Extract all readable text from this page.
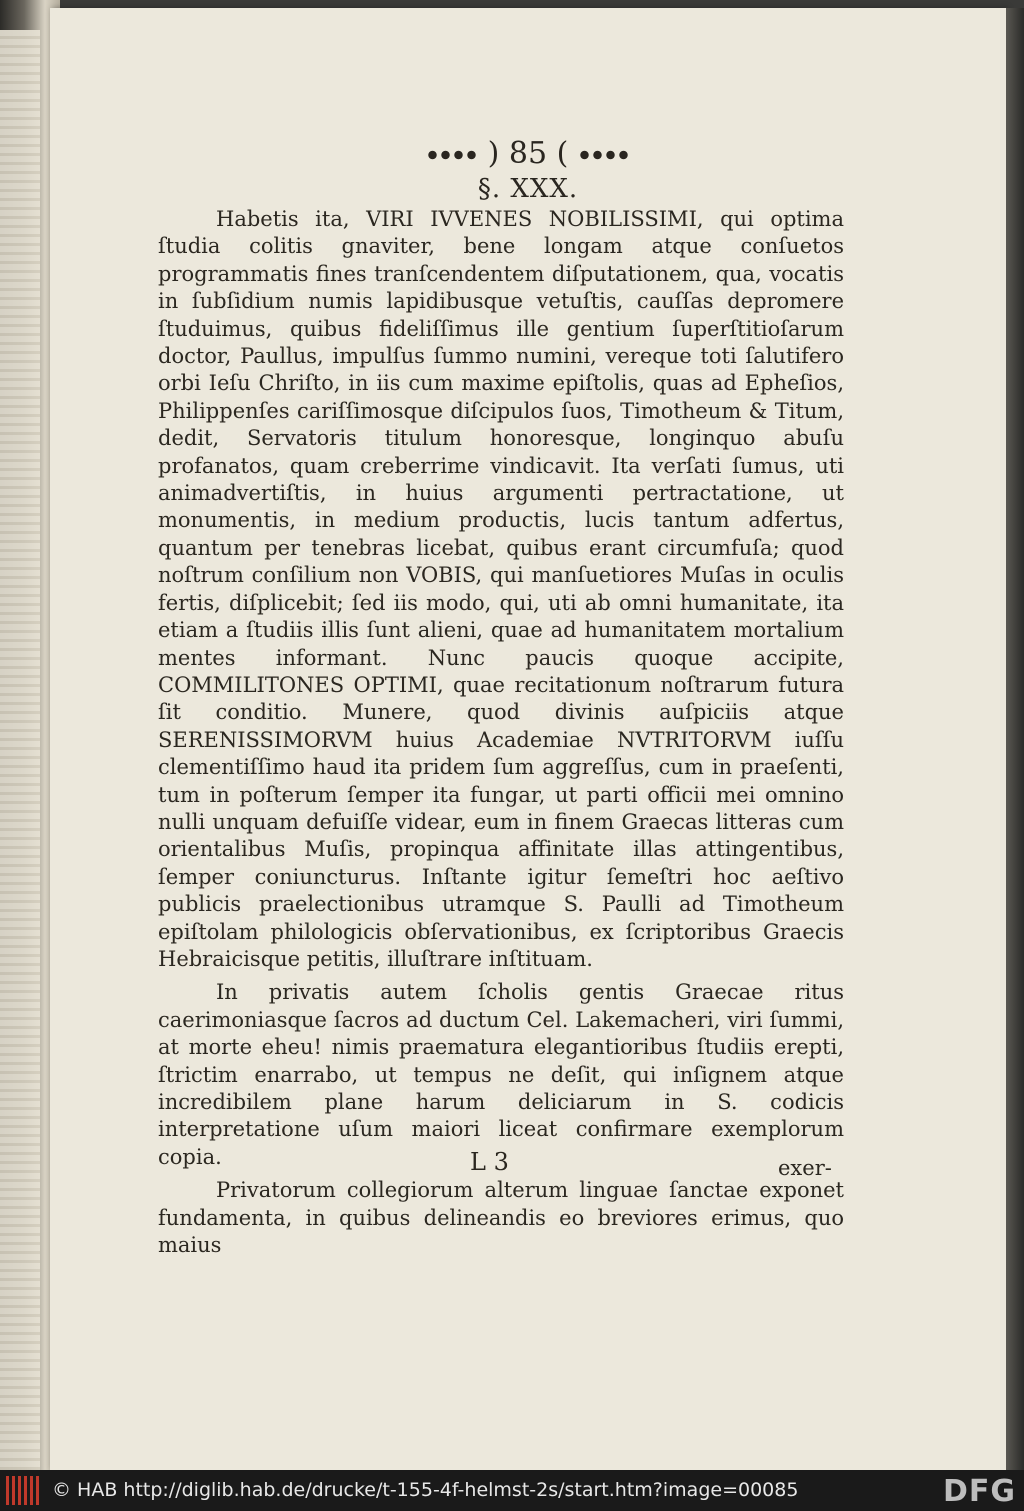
) 85 (
§. XXX.

Habetis ita, VIRI IVVENES NOBILISSIMI, qui optima ſtudia colitis gnaviter, bene longam atque conſuetos programmatis fines tranſcendentem diſputationem, qua, vocatis in ſubſidium numis lapidibusque vetuſtis, cauſſas depromere ſtuduimus, quibus fideliſſimus ille gentium ſuperſtitioſarum doctor, Paullus, impulſus ſummo numini, vereque toti ſalutifero orbi Ieſu Chriſto, in iis cum maxime epiſtolis, quas ad Epheſios, Philippenſes cariſſimosque diſcipulos ſuos, Timotheum & Titum, dedit, Servatoris titulum honoresque, longinquo abuſu profanatos, quam creberrime vindicavit. Ita verſati ſumus, uti animadvertiſtis, in huius argumenti pertractatione, ut monumentis, in medium productis, lucis tantum adfertus, quantum per tenebras licebat, quibus erant circumfuſa; quod noſtrum conſilium non VOBIS, qui manſuetiores Muſas in oculis fertis, diſplicebit; ſed iis modo, qui, uti ab omni humanitate, ita etiam a ſtudiis illis ſunt alieni, quae ad humanitatem mortalium mentes informant. Nunc paucis quoque accipite, COMMILITONES OPTIMI, quae recitationum noſtrarum futura ſit conditio. Munere, quod divinis auſpiciis atque SERENISSIMORVM huius Academiae NVTRITORVM iuſſu clementiſſimo haud ita pridem ſum aggreſſus, cum in praeſenti, tum in poſterum ſemper ita fungar, ut parti officii mei omnino nulli unquam defuiſſe videar, eum in finem Graecas litteras cum orientalibus Muſis, propinqua affinitate illas attingentibus, ſemper coniuncturus. Inſtante igitur ſemeſtri hoc aeſtivo publicis praelectionibus utramque S. Paulli ad Timotheum epiſtolam philologicis obſervationibus, ex ſcriptoribus Graecis Hebraicisque petitis, illuſtrare inſtituam.

In privatis autem ſcholis gentis Graecae ritus caerimoniasque ſacros ad ductum Cel. Lakemacheri, viri ſummi, at morte eheu! nimis praematura elegantioribus ſtudiis erepti, ſtrictim enarrabo, ut tempus ne deſit, qui inſignem atque incredibilem plane harum deliciarum in S. codicis interpretatione uſum maiori liceat confirmare exemplorum copia.

Privatorum collegiorum alterum linguae ſanctae exponet fundamenta, in quibus delineandis eo breviores erimus, quo maius

L 3	exer-
© HAB http://diglib.hab.de/drucke/t-155-4f-helmst-2s/start.htm?image=00085	DFG
